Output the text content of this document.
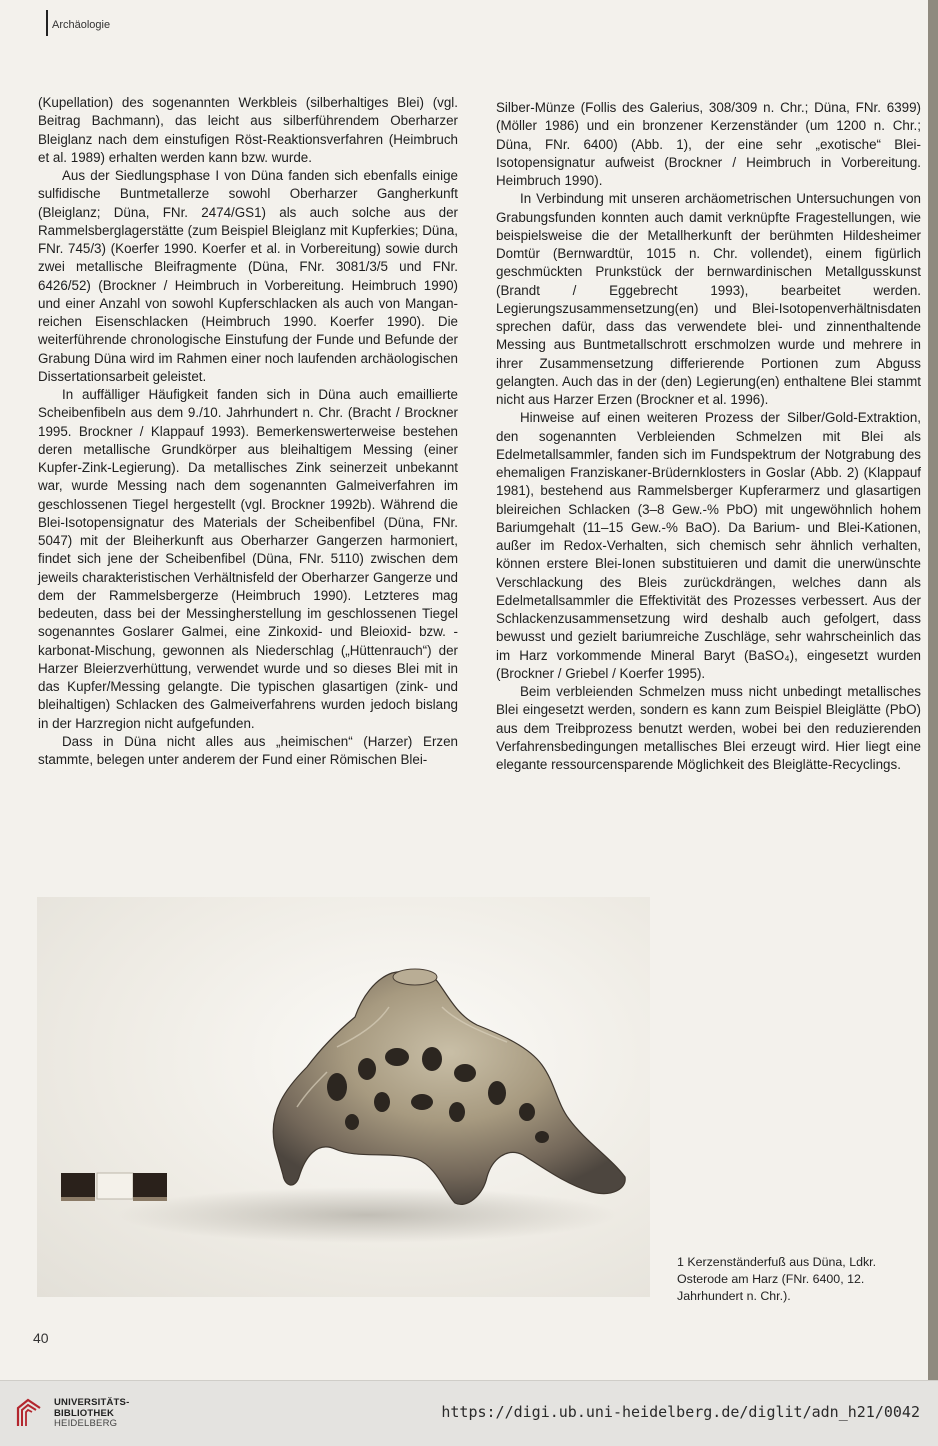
Archäologie

(Kupellation) des sogenannten Werkbleis (silberhaltiges Blei) (vgl. Beitrag Bachmann), das leicht aus silberführendem Oberharzer Bleiglanz nach dem einstufigen Röst-Reaktionsverfahren (Heimbruch et al. 1989) erhalten werden kann bzw. wurde.

Aus der Siedlungsphase I von Düna fanden sich ebenfalls einige sulfidische Buntmetallerze sowohl Oberharzer Gangherkunft (Bleiglanz; Düna, FNr. 2474/GS1) als auch solche aus der Rammelsberglagerstätte (zum Beispiel Bleiglanz mit Kupferkies; Düna, FNr. 745/3) (Koerfer 1990. Koerfer et al. in Vorbereitung) sowie durch zwei metallische Bleifragmente (Düna, FNr. 3081/3/5 und FNr. 6426/52) (Brockner / Heimbruch in Vorbereitung. Heimbruch 1990) und einer Anzahl von sowohl Kupferschlacken als auch von Mangan-reichen Eisenschlacken (Heimbruch 1990. Koerfer 1990). Die weiterführende chronologische Einstufung der Funde und Befunde der Grabung Düna wird im Rahmen einer noch laufenden archäologischen Dissertationsarbeit geleistet.

In auffälliger Häufigkeit fanden sich in Düna auch emaillierte Scheibenfibeln aus dem 9./10. Jahrhundert n. Chr. (Bracht / Brockner 1995. Brockner / Klappauf 1993). Bemerkenswerterweise bestehen deren metallische Grundkörper aus bleihaltigem Messing (einer Kupfer-Zink-Legierung). Da metallisches Zink seinerzeit unbekannt war, wurde Messing nach dem sogenannten Galmeiverfahren im geschlossenen Tiegel hergestellt (vgl. Brockner 1992b). Während die Blei-Isotopensignatur des Materials der Scheibenfibel (Düna, FNr. 5047) mit der Bleiherkunft aus Oberharzer Gangerzen harmoniert, findet sich jene der Scheibenfibel (Düna, FNr. 5110) zwischen dem jeweils charakteristischen Verhältnisfeld der Oberharzer Gangerze und dem der Rammelsbergerze (Heimbruch 1990). Letzteres mag bedeuten, dass bei der Messingherstellung im geschlossenen Tiegel sogenanntes Goslarer Galmei, eine Zinkoxid- und Bleioxid- bzw. -karbonat-Mischung, gewonnen als Niederschlag („Hüttenrauch“) der Harzer Bleierzverhüttung, verwendet wurde und so dieses Blei mit in das Kupfer/Messing gelangte. Die typischen glasartigen (zink- und bleihaltigen) Schlacken des Galmeiverfahrens wurden jedoch bislang in der Harzregion nicht aufgefunden.

Dass in Düna nicht alles aus „heimischen“ (Harzer) Erzen stammte, belegen unter anderem der Fund einer Römischen Blei-

Silber-Münze (Follis des Galerius, 308/309 n. Chr.; Düna, FNr. 6399) (Möller 1986) und ein bronzener Kerzenständer (um 1200 n. Chr.; Düna, FNr. 6400) (Abb. 1), der eine sehr „exotische“ Blei-Isotopensignatur aufweist (Brockner / Heimbruch in Vorbereitung. Heimbruch 1990).

In Verbindung mit unseren archäometrischen Untersuchungen von Grabungsfunden konnten auch damit verknüpfte Fragestellungen, wie beispielsweise die der Metallherkunft der berühmten Hildesheimer Domtür (Bernwardtür, 1015 n. Chr. vollendet), einem figürlich geschmückten Prunkstück der bernwardinischen Metallgusskunst (Brandt / Eggebrecht 1993), bearbeitet werden. Legierungszusammensetzung(en) und Blei-Isotopenverhältnisdaten sprechen dafür, dass das verwendete blei- und zinnenthaltende Messing aus Buntmetallschrott erschmolzen wurde und mehrere in ihrer Zusammensetzung differierende Portionen zum Abguss gelangten. Auch das in der (den) Legierung(en) enthaltene Blei stammt nicht aus Harzer Erzen (Brockner et al. 1996).

Hinweise auf einen weiteren Prozess der Silber/Gold-Extraktion, den sogenannten Verbleienden Schmelzen mit Blei als Edelmetallsammler, fanden sich im Fundspektrum der Notgrabung des ehemaligen Franziskaner-Brüdernklosters in Goslar (Abb. 2) (Klappauf 1981), bestehend aus Rammelsberger Kupferarmerz und glasartigen bleireichen Schlacken (3–8 Gew.-% PbO) mit ungewöhnlich hohem Bariumgehalt (11–15 Gew.-% BaO). Da Barium- und Blei-Kationen, außer im Redox-Verhalten, sich chemisch sehr ähnlich verhalten, können erstere Blei-Ionen substituieren und damit die unerwünschte Verschlackung des Bleis zurückdrängen, welches dann als Edelmetallsammler die Effektivität des Prozesses verbessert. Aus der Schlackenzusammensetzung wird deshalb auch gefolgert, dass bewusst und gezielt bariumreiche Zuschläge, sehr wahrscheinlich das im Harz vorkommende Mineral Baryt (BaSO₄), eingesetzt wurden (Brockner / Griebel / Koerfer 1995).

Beim verbleienden Schmelzen muss nicht unbedingt metallisches Blei eingesetzt werden, sondern es kann zum Beispiel Bleiglätte (PbO) aus dem Treibprozess benutzt werden, wobei bei den reduzierenden Verfahrensbedingungen metallisches Blei erzeugt wird. Hier liegt eine elegante ressourcensparende Möglichkeit des Bleiglätte-Recyclings.

1 Kerzenständerfuß aus Düna, Ldkr. Osterode am Harz (FNr. 6400, 12. Jahrhundert n. Chr.).
40
UNIVERSITÄTS-
BIBLIOTHEK
HEIDELBERG
https://digi.ub.uni-heidelberg.de/diglit/adn_h21/0042
